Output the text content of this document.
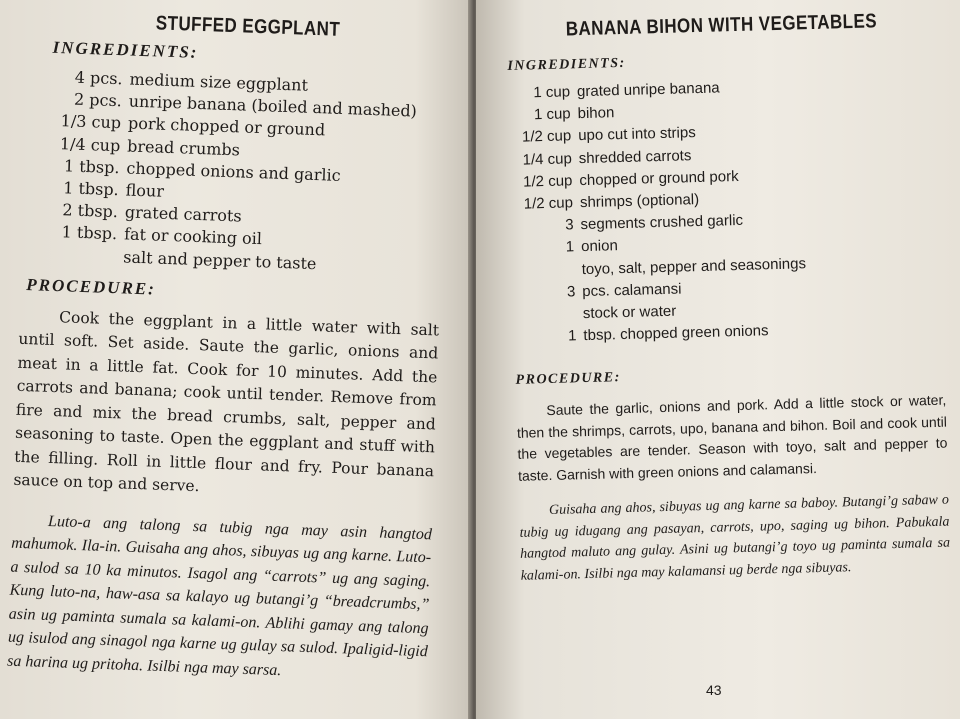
STUFFED EGGPLANT
INGREDIENTS:
4 pcs. medium size eggplant
2 pcs. unripe banana (boiled and mashed)
1/3 cup pork chopped or ground
1/4 cup bread crumbs
1 tbsp. chopped onions and garlic
1 tbsp. flour
2 tbsp. grated carrots
1 tbsp. fat or cooking oil
salt and pepper to taste
PROCEDURE:

Cook the eggplant in a little water with salt until soft. Set aside. Saute the garlic, onions and meat in a little fat. Cook for 10 minutes. Add the carrots and banana; cook until tender. Remove from fire and mix the bread crumbs, salt, pepper and seasoning to taste. Open the eggplant and stuff with the filling. Roll in little flour and fry. Pour banana sauce on top and serve.

Luto-a ang talong sa tubig nga may asin hangtod mahumok. Ila-in. Guisaha ang ahos, sibuyas ug ang karne. Luto-a sulod sa 10 ka minutos. Isagol ang “carrots” ug ang saging. Kung luto-na, haw-asa sa kalayo ug butangi’g “breadcrumbs,” asin ug paminta sumala sa kalami-on. Ablihi gamay ang talong ug isulod ang sinagol nga karne ug gulay sa sulod. Ipaligid-ligid sa harina ug pritoha. Isilbi nga may sarsa.

BANANA BIHON WITH VEGETABLES
INGREDIENTS:
1 cup grated unripe banana
1 cup bihon
1/2 cup upo cut into strips
1/4 cup shredded carrots
1/2 cup chopped or ground pork
1/2 cup shrimps (optional)
3 segments crushed garlic
1 onion
toyo, salt, pepper and seasonings
3 pcs. calamansi
stock or water
1 tbsp. chopped green onions
PROCEDURE:

Saute the garlic, onions and pork. Add a little stock or water, then the shrimps, carrots, upo, banana and bihon. Boil and cook until the vegetables are tender. Season with toyo, salt and pepper to taste. Garnish with green onions and calamansi.

Guisaha ang ahos, sibuyas ug ang karne sa baboy. Butangi’g sabaw o tubig ug idugang ang pasayan, carrots, upo, saging ug bihon. Pabukala hangtod maluto ang gulay. Asini ug butangi’g toyo ug paminta sumala sa kalami-on. Isilbi nga may kalamansi ug berde nga sibuyas.

43
